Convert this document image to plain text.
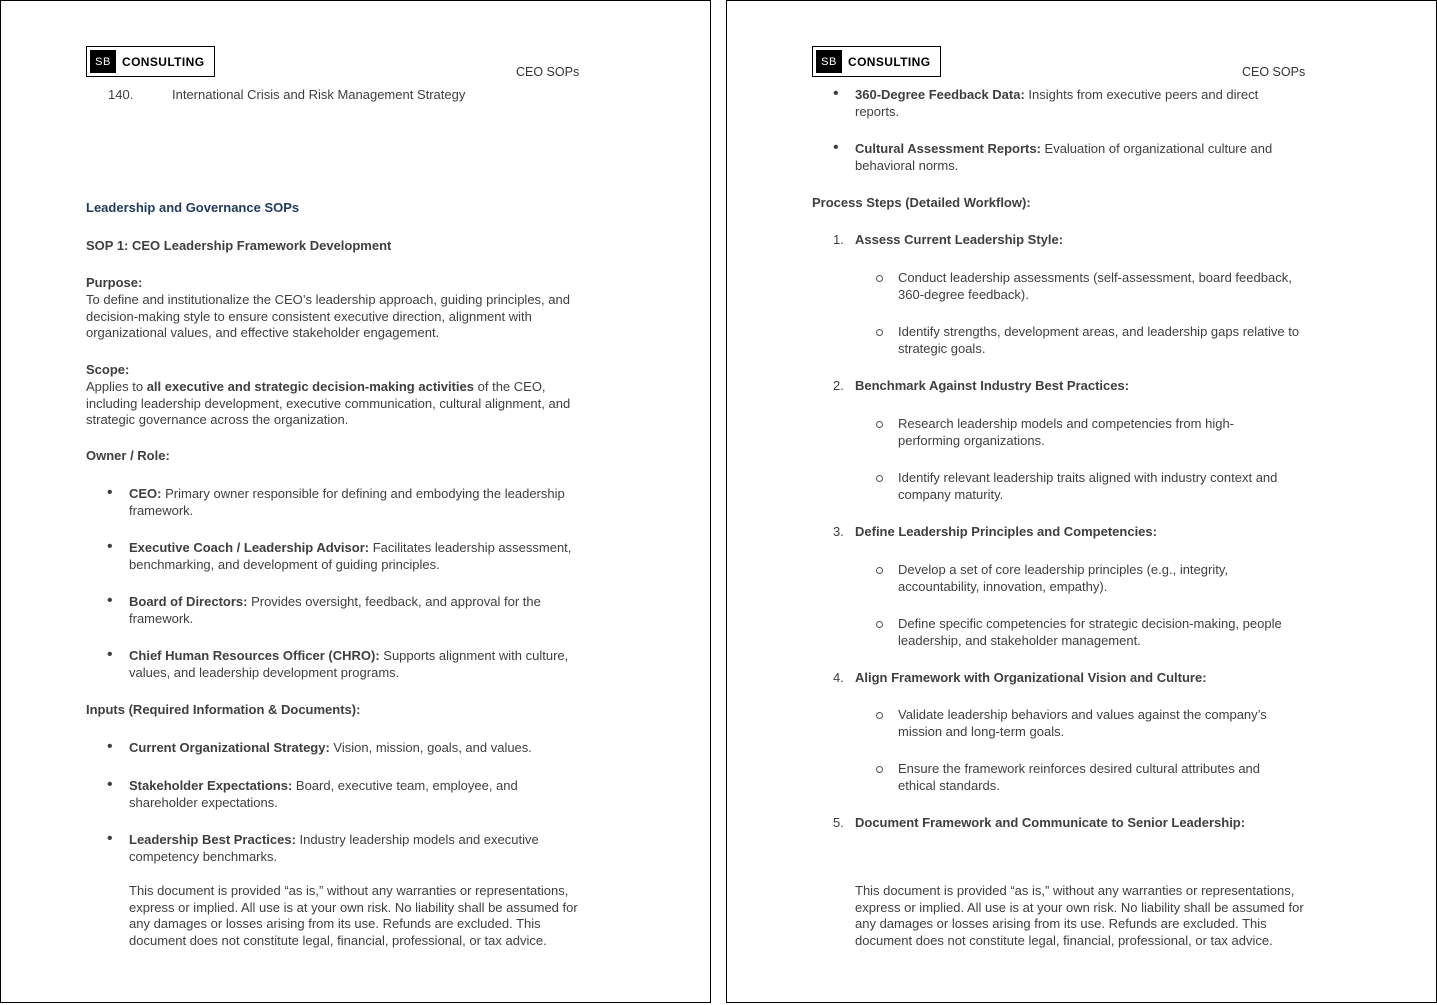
SB CONSULTING
CEO SOPs
140.	International Crisis and Risk Management Strategy
Leadership and Governance SOPs
SOP 1: CEO Leadership Framework Development
Purpose:
To define and institutionalize the CEO’s leadership approach, guiding principles, and decision-making style to ensure consistent executive direction, alignment with organizational values, and effective stakeholder engagement.
Scope:
Applies to all executive and strategic decision-making activities of the CEO, including leadership development, executive communication, cultural alignment, and strategic governance across the organization.
Owner / Role:
• CEO: Primary owner responsible for defining and embodying the leadership framework.
• Executive Coach / Leadership Advisor: Facilitates leadership assessment, benchmarking, and development of guiding principles.
• Board of Directors: Provides oversight, feedback, and approval for the framework.
• Chief Human Resources Officer (CHRO): Supports alignment with culture, values, and leadership development programs.
Inputs (Required Information & Documents):
• Current Organizational Strategy: Vision, mission, goals, and values.
• Stakeholder Expectations: Board, executive team, employee, and shareholder expectations.
• Leadership Best Practices: Industry leadership models and executive competency benchmarks.
This document is provided “as is,” without any warranties or representations, express or implied. All use is at your own risk. No liability shall be assumed for any damages or losses arising from its use. Refunds are excluded. This document does not constitute legal, financial, professional, or tax advice.
SB CONSULTING
CEO SOPs
• 360-Degree Feedback Data: Insights from executive peers and direct reports.
• Cultural Assessment Reports: Evaluation of organizational culture and behavioral norms.
Process Steps (Detailed Workflow):
1. Assess Current Leadership Style:
Conduct leadership assessments (self-assessment, board feedback, 360-degree feedback).
Identify strengths, development areas, and leadership gaps relative to strategic goals.
2. Benchmark Against Industry Best Practices:
Research leadership models and competencies from high-performing organizations.
Identify relevant leadership traits aligned with industry context and company maturity.
3. Define Leadership Principles and Competencies:
Develop a set of core leadership principles (e.g., integrity, accountability, innovation, empathy).
Define specific competencies for strategic decision-making, people leadership, and stakeholder management.
4. Align Framework with Organizational Vision and Culture:
Validate leadership behaviors and values against the company’s mission and long-term goals.
Ensure the framework reinforces desired cultural attributes and ethical standards.
5. Document Framework and Communicate to Senior Leadership:
This document is provided “as is,” without any warranties or representations, express or implied. All use is at your own risk. No liability shall be assumed for any damages or losses arising from its use. Refunds are excluded. This document does not constitute legal, financial, professional, or tax advice.
